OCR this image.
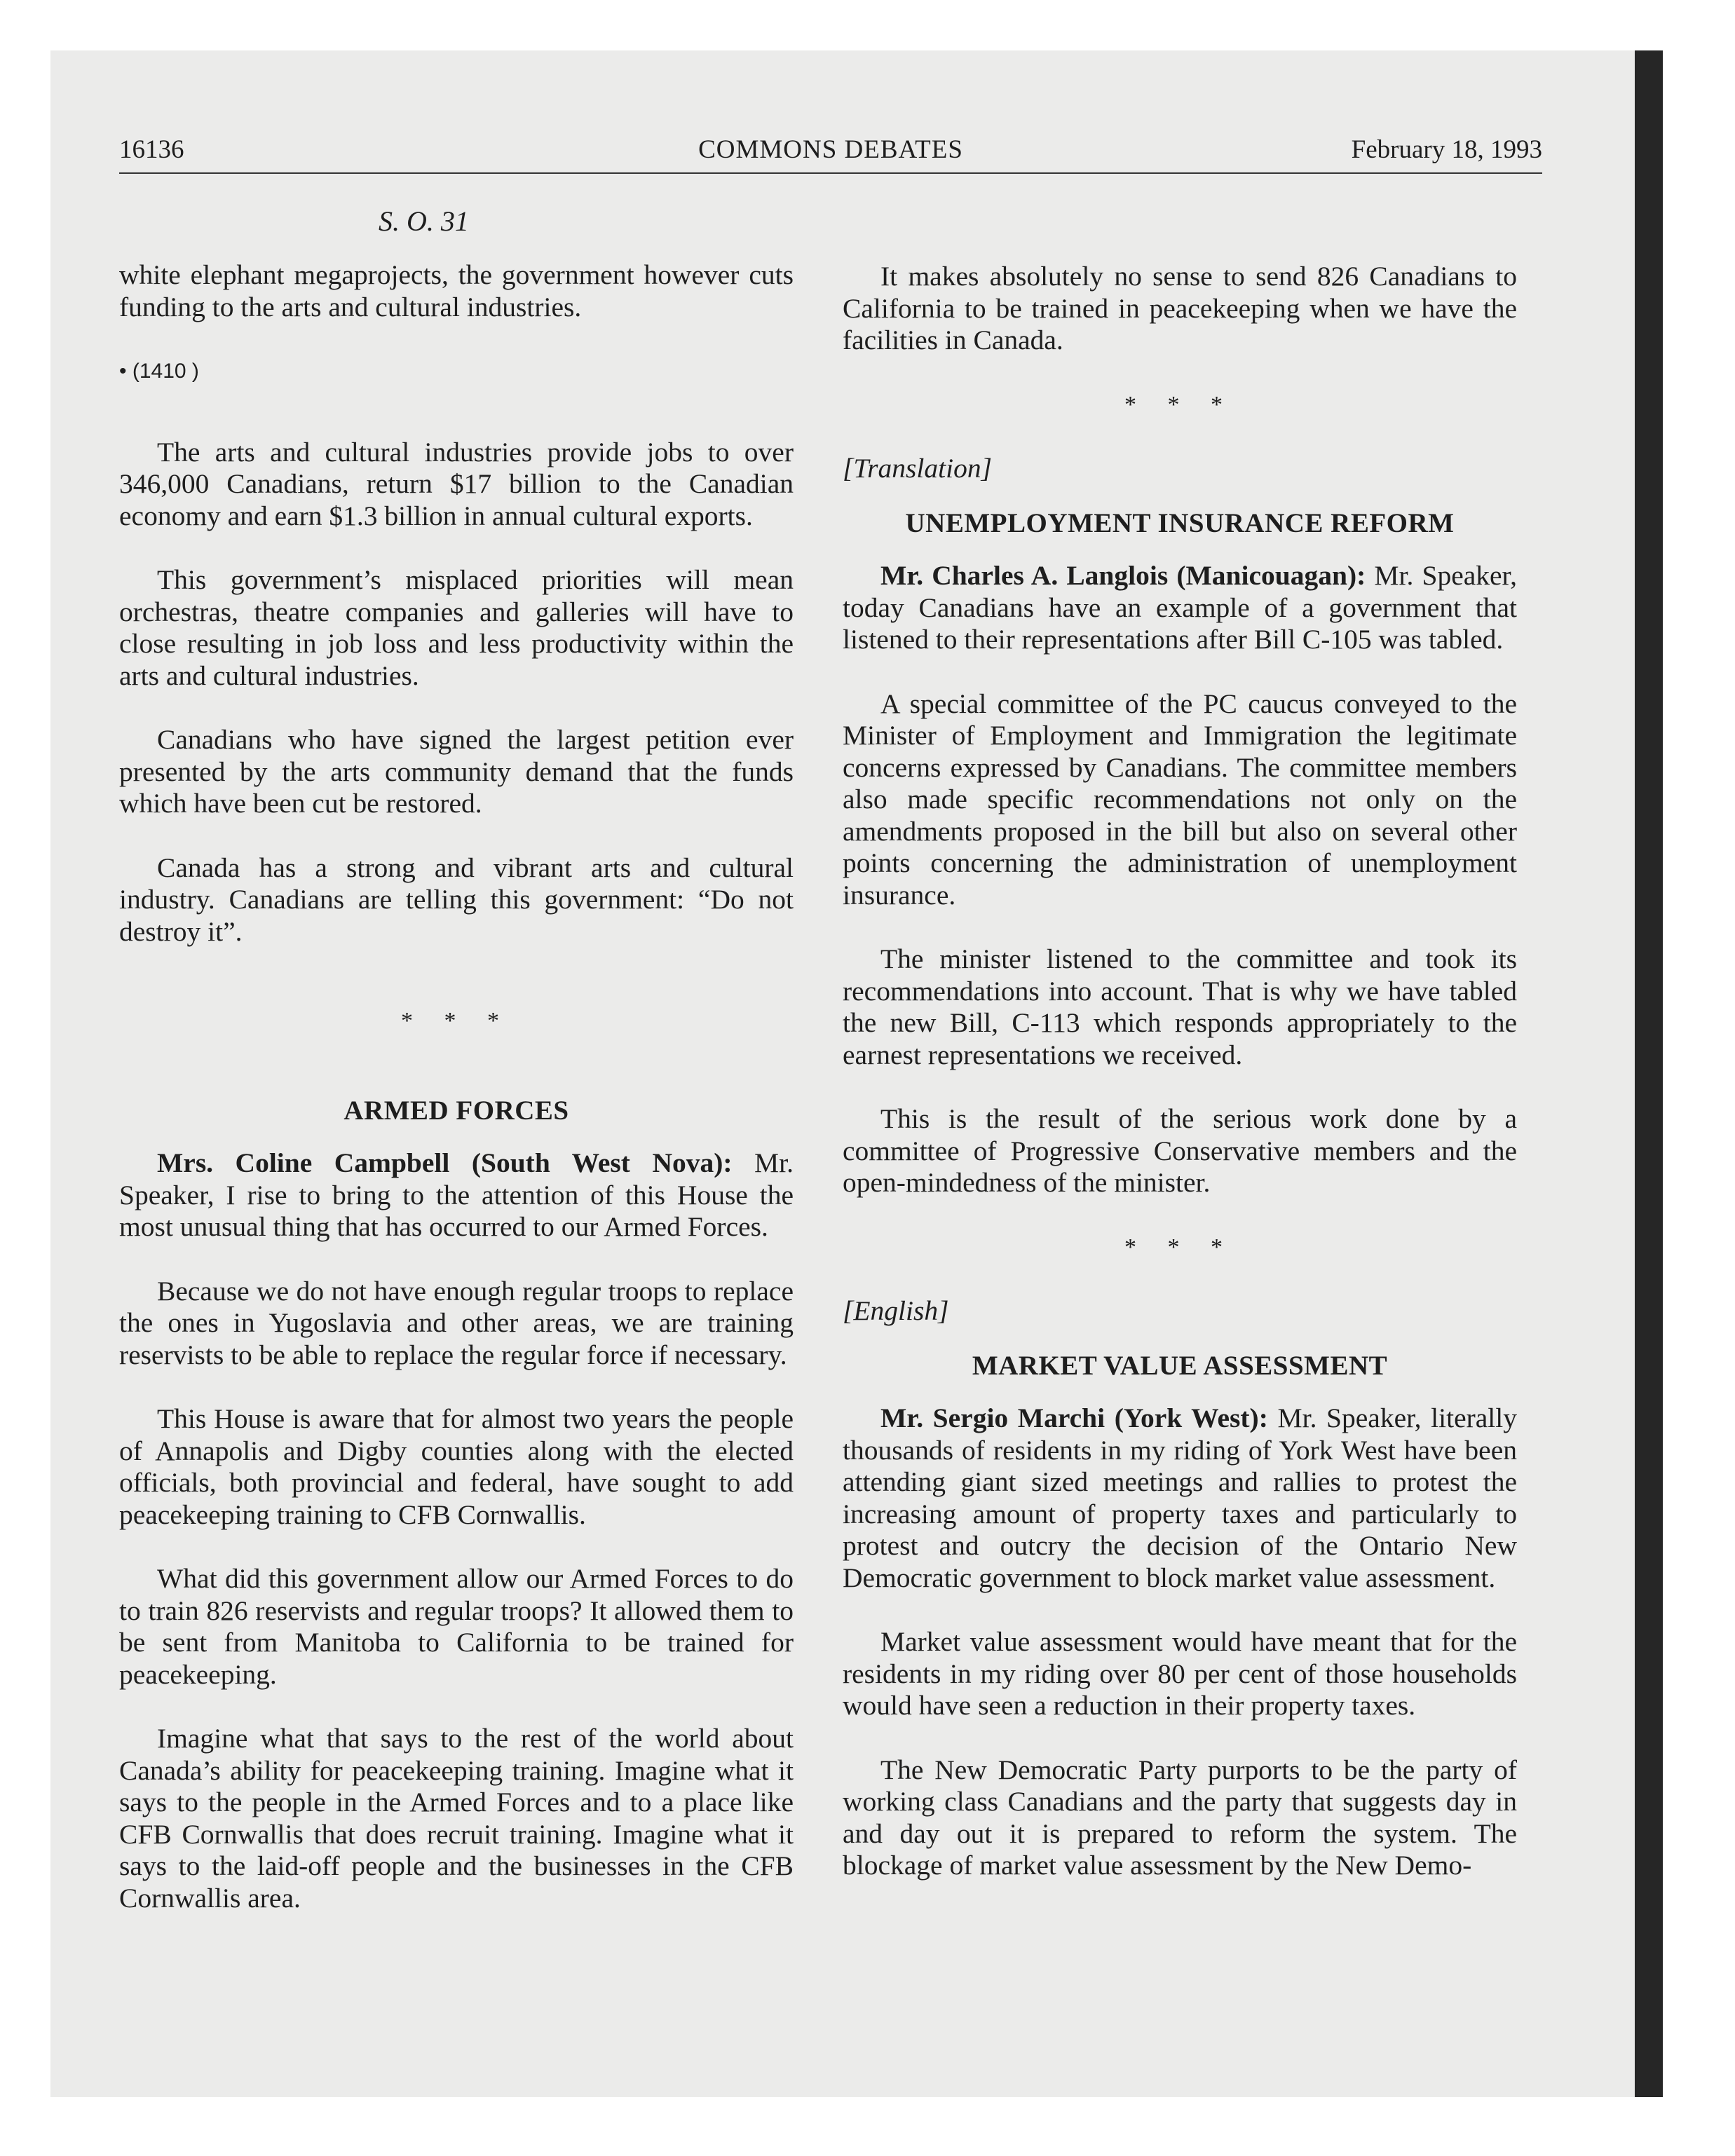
16136	COMMONS DEBATES	February 18, 1993
S. O. 31

white elephant megaprojects, the government however cuts funding to the arts and cultural industries.

• (1410 )

The arts and cultural industries provide jobs to over 346,000 Canadians, return $17 billion to the Canadian economy and earn $1.3 billion in annual cultural exports.

This government’s misplaced priorities will mean orchestras, theatre companies and galleries will have to close resulting in job loss and less productivity within the arts and cultural industries.

Canadians who have signed the largest petition ever presented by the arts community demand that the funds which have been cut be restored.

Canada has a strong and vibrant arts and cultural industry. Canadians are telling this government: “Do not destroy it”.

* * *
ARMED FORCES

Mrs. Coline Campbell (South West Nova): Mr. Speaker, I rise to bring to the attention of this House the most unusual thing that has occurred to our Armed Forces.

Because we do not have enough regular troops to replace the ones in Yugoslavia and other areas, we are training reservists to be able to replace the regular force if necessary.

This House is aware that for almost two years the people of Annapolis and Digby counties along with the elected officials, both provincial and federal, have sought to add peacekeeping training to CFB Cornwallis.

What did this government allow our Armed Forces to do to train 826 reservists and regular troops? It allowed them to be sent from Manitoba to California to be trained for peacekeeping.

Imagine what that says to the rest of the world about Canada’s ability for peacekeeping training. Imagine what it says to the people in the Armed Forces and to a place like CFB Cornwallis that does recruit training. Imagine what it says to the laid-off people and the businesses in the CFB Cornwallis area.

It makes absolutely no sense to send 826 Canadians to California to be trained in peacekeeping when we have the facilities in Canada.

* * *
[Translation]
UNEMPLOYMENT INSURANCE REFORM

Mr. Charles A. Langlois (Manicouagan): Mr. Speaker, today Canadians have an example of a government that listened to their representations after Bill C-105 was tabled.

A special committee of the PC caucus conveyed to the Minister of Employment and Immigration the legitimate concerns expressed by Canadians. The committee members also made specific recommendations not only on the amendments proposed in the bill but also on several other points concerning the administration of unemployment insurance.

The minister listened to the committee and took its recommendations into account. That is why we have tabled the new Bill, C-113 which responds appropriately to the earnest representations we received.

This is the result of the serious work done by a committee of Progressive Conservative members and the open-mindedness of the minister.

* * *
[English]
MARKET VALUE ASSESSMENT

Mr. Sergio Marchi (York West): Mr. Speaker, literally thousands of residents in my riding of York West have been attending giant sized meetings and rallies to protest the increasing amount of property taxes and particularly to protest and outcry the decision of the Ontario New Democratic government to block market value assessment.

Market value assessment would have meant that for the residents in my riding over 80 per cent of those households would have seen a reduction in their property taxes.

The New Democratic Party purports to be the party of working class Canadians and the party that suggests day in and day out it is prepared to reform the system. The blockage of market value assessment by the New Demo-
